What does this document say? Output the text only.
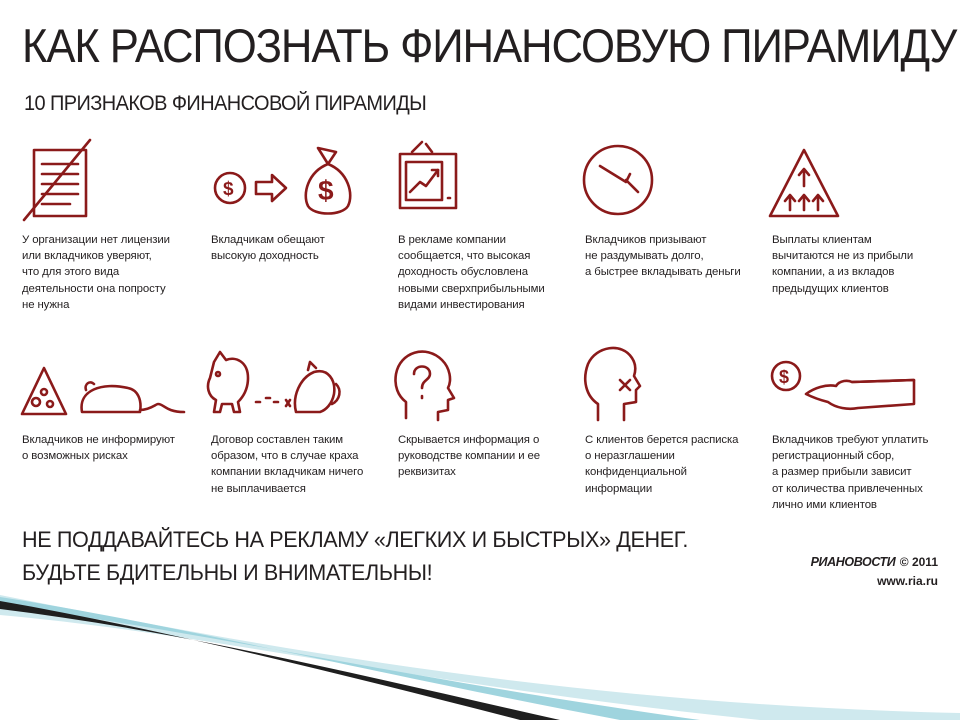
КАК РАСПОЗНАТЬ ФИНАНСОВУЮ ПИРАМИДУ
10 ПРИЗНАКОВ ФИНАНСОВОЙ ПИРАМИДЫ
$	$
У организации нет лицензии
или вкладчиков уверяют,
что для этого вида
деятельности она попросту
не нужна
Вкладчикам обещают
высокую доходность
В рекламе компании
сообщается, что высокая
доходность обусловлена
новыми сверхприбыльными
видами инвестирования
Вкладчиков призывают
не раздумывать долго,
а быстрее вкладывать деньги
Выплаты клиентам
вычитаются не из прибыли
компании, а из вкладов
предыдущих клиентов
$
Вкладчиков не информируют
о возможных рисках
Договор составлен таким
образом, что в случае краха
компании вкладчикам ничего
не выплачивается
Скрывается информация о
руководстве компании и ее
реквизитах
С клиентов берется расписка
о неразглашении
конфиденциальной
информации
Вкладчиков требуют уплатить
регистрационный сбор,
а размер прибыли зависит
от количества привлеченных
лично ими клиентов
НЕ ПОДДАВАЙТЕСЬ НА РЕКЛАМУ «ЛЕГКИХ И БЫСТРЫХ» ДЕНЕГ.
БУДЬТЕ БДИТЕЛЬНЫ И ВНИМАТЕЛЬНЫ!	РИАНОВОСТИ © 2011
www.ria.ru
